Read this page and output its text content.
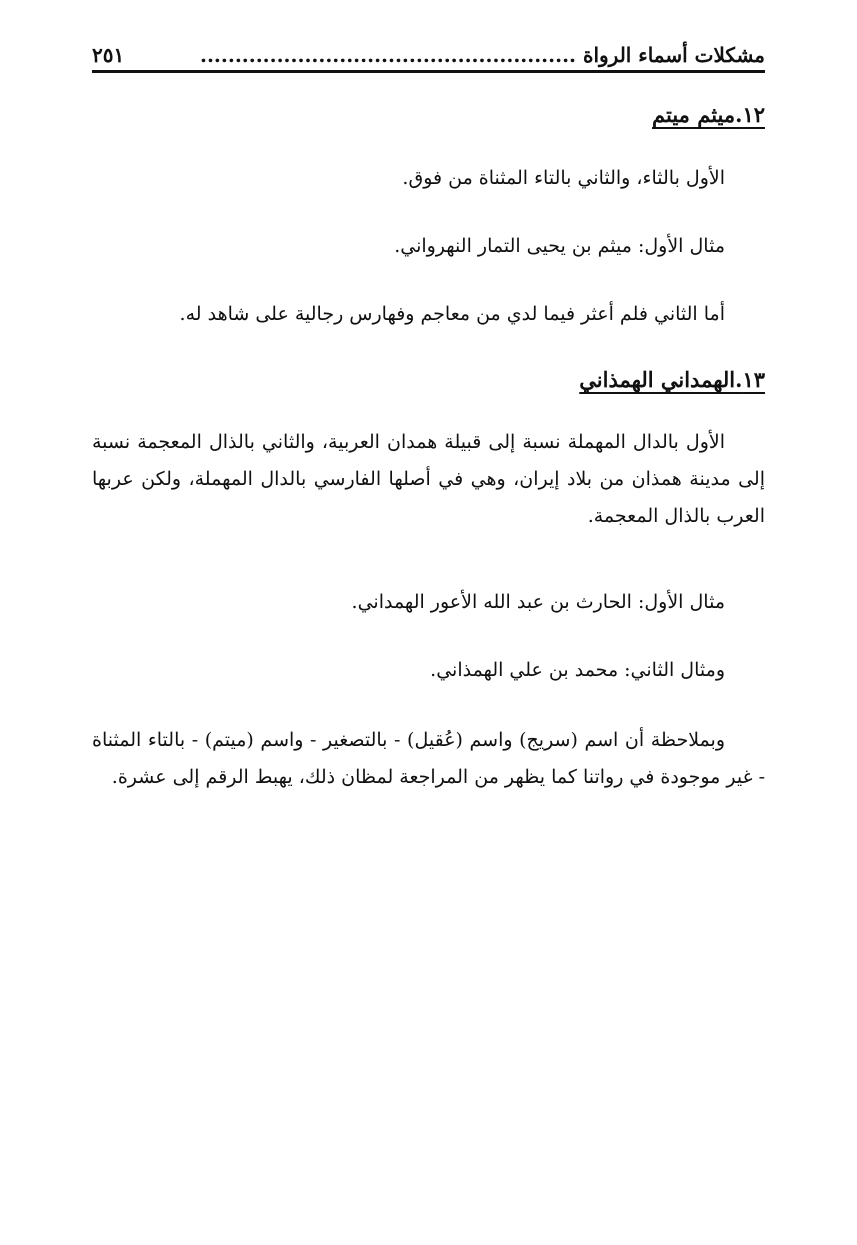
مشكلات أسماء الرواة ......................................................
٢٥١
١٢.ميثم ميتم

الأول بالثاء، والثاني بالتاء المثناة من فوق.

مثال الأول: ميثم بن يحيى التمار النهرواني.

أما الثاني فلم أعثر فيما لدي من معاجم وفهارس رجالية على شاهد له.

١٣.الهمداني الهمذاني

الأول بالدال المهملة نسبة إلى قبيلة همدان العربية، والثاني بالذال المعجمة نسبة إلى مدينة همذان من بلاد إيران، وهي في أصلها الفارسي بالدال المهملة، ولكن عربها العرب بالذال المعجمة.

مثال الأول: الحارث بن عبد الله الأعور الهمداني.

ومثال الثاني: محمد بن علي الهمذاني.

وبملاحظة أن اسم (سريج) واسم (عُقيل) - بالتصغير - واسم (ميتم) - بالتاء المثناة - غير موجودة في رواتنا كما يظهر من المراجعة لمظان ذلك، يهبط الرقم إلى عشرة.
